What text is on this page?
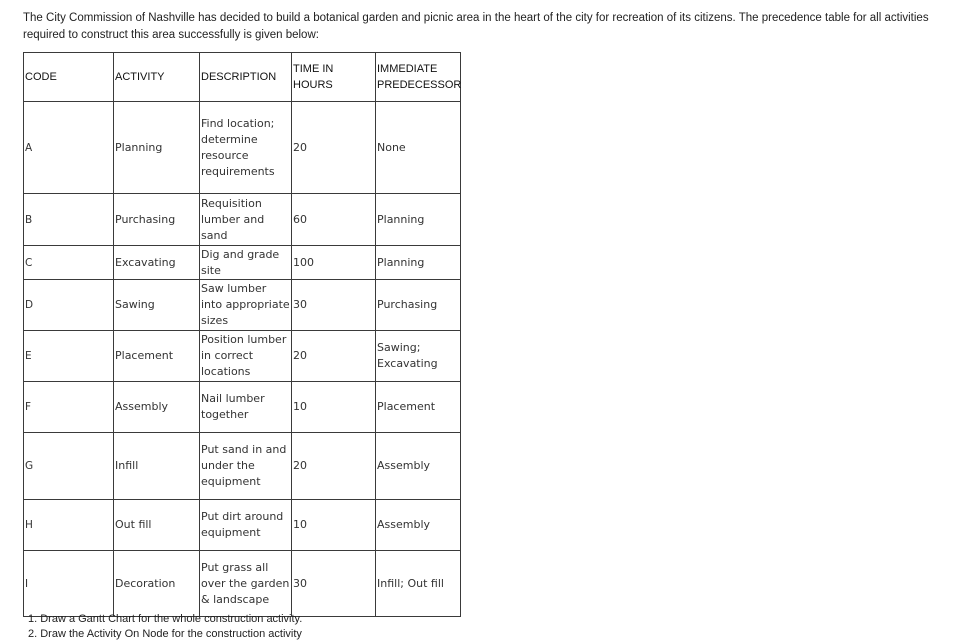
The City Commission of Nashville has decided to build a botanical garden and picnic area in the heart of the city for recreation of its citizens. The precedence table for all activities required to construct this area successfully is given below:
CODE	ACTIVITY	DESCRIPTION	TIME IN HOURS	IMMEDIATE PREDECESSOR
A	Planning	Find location; determine resource requirements	20	None
B	Purchasing	Requisition lumber and sand	60	Planning
C	Excavating	Dig and grade site	100	Planning
D	Sawing	Saw lumber into appropriate sizes	30	Purchasing
E	Placement	Position lumber in correct locations	20	Sawing; Excavating
F	Assembly	Nail lumber together	10	Placement
G	Infill	Put sand in and under the equipment	20	Assembly
H	Out fill	Put dirt around equipment	10	Assembly
I	Decoration	Put grass all over the garden & landscape	30	Infill; Out fill
1. Draw a Gantt Chart for the whole construction activity.
2. Draw the Activity On Node for the construction activity
